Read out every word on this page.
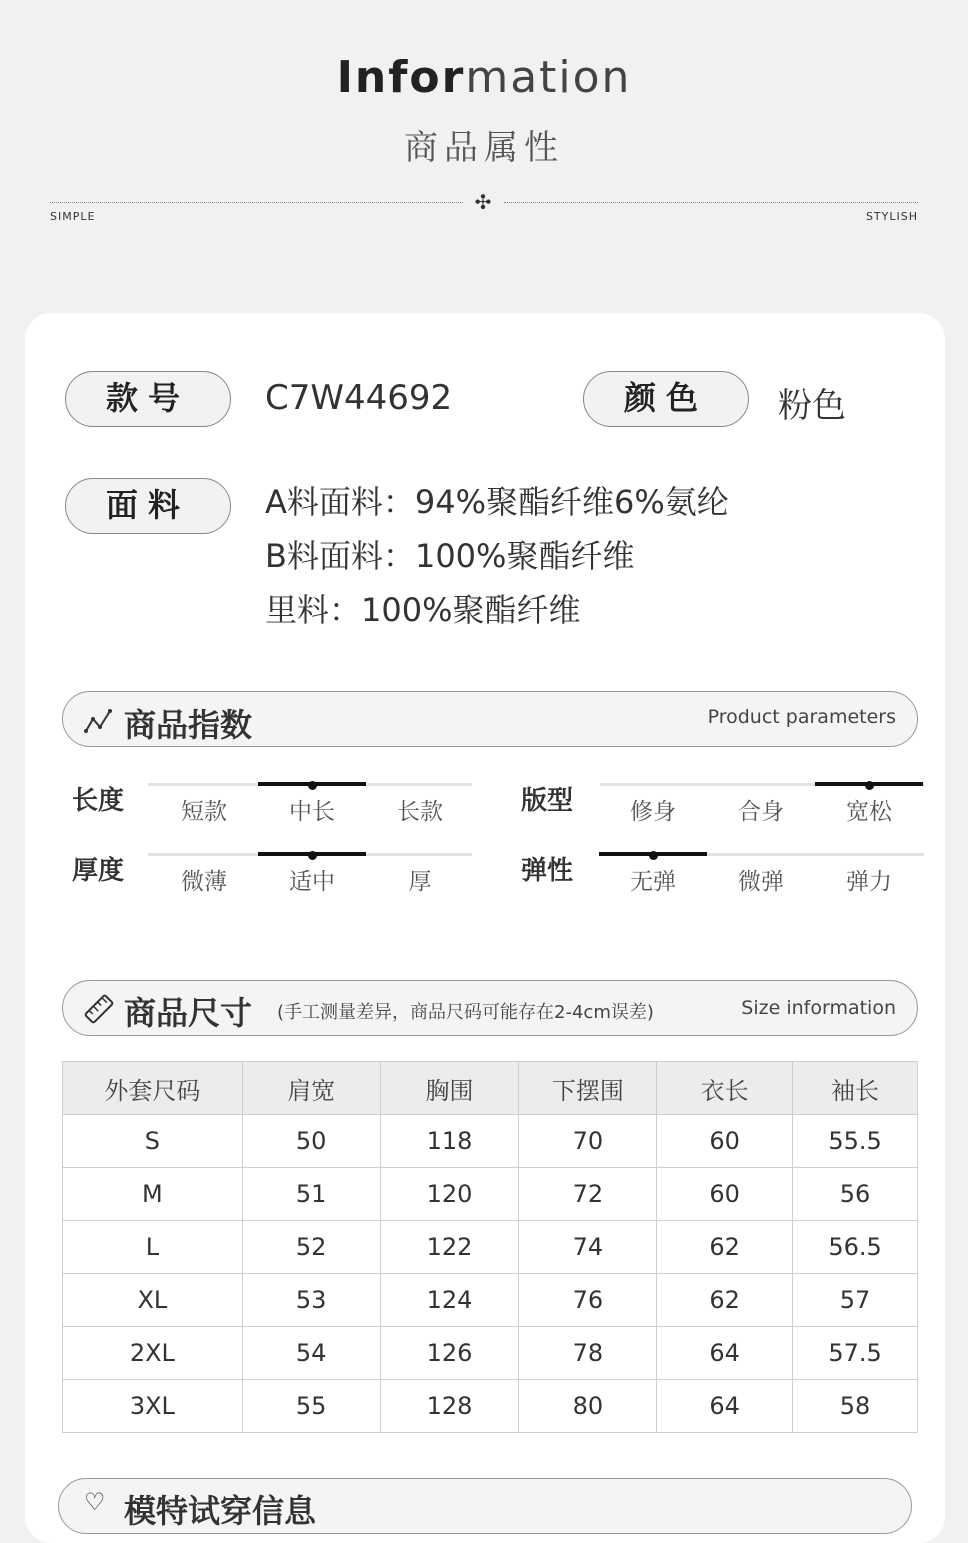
Information
商品属性
✣
SIMPLE	STYLISH
款号	C7W44692	颜色	粉色
面料	A料面料：94%聚酯纤维6%氨纶
B料面料：100%聚酯纤维
里料：100%聚酯纤维
商品指数	Product parameters
长度	短款	中长	长款	版型	修身	合身	宽松
厚度	微薄	适中	厚	弹性	无弹	微弹	弹力
商品尺寸 (手工测量差异，商品尺码可能存在2-4cm误差)	Size information
外套尺码	肩宽	胸围	下摆围	衣长	袖长
S	50	118	70	60	55.5
M	51	120	72	60	56
L	52	122	74	62	56.5
XL	53	124	76	62	57
2XL	54	126	78	64	57.5
3XL	55	128	80	64	58
♡ 模特试穿信息
